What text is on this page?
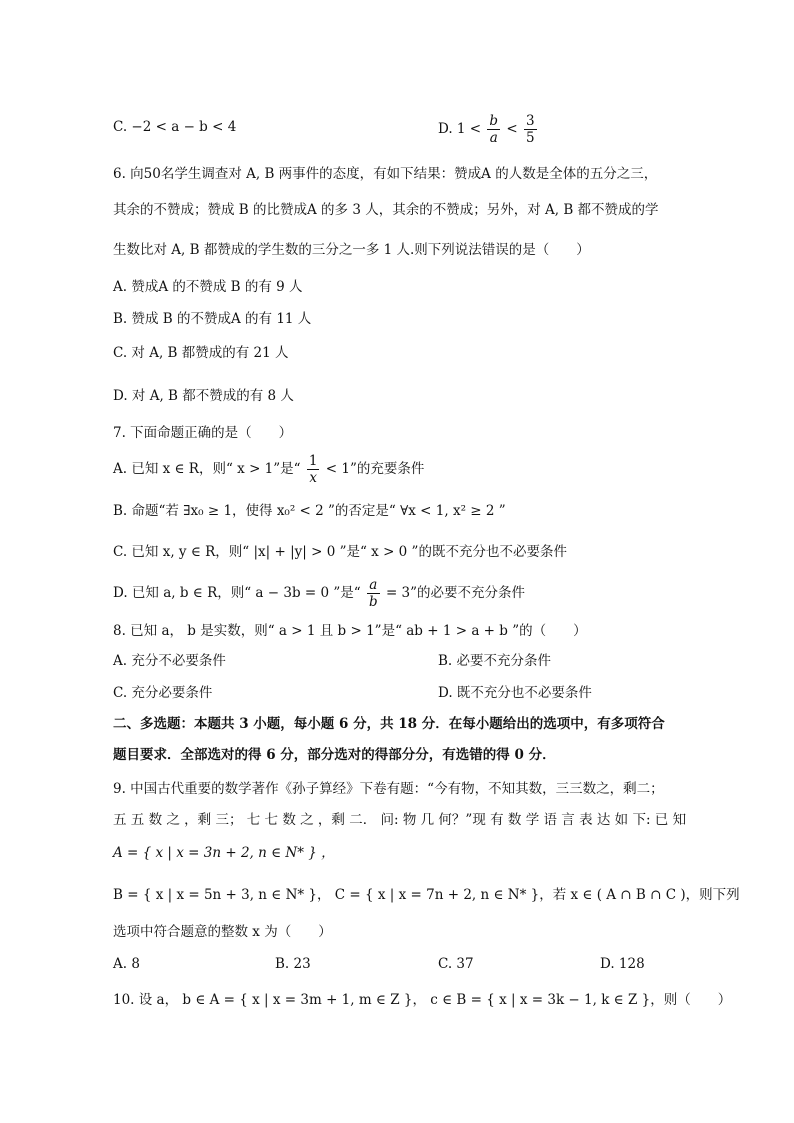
C. −2 < a − b < 4	D. $1 < \frac{b}{a} < \frac{3}{5}$
6. 向50名学生调查对 A, B 两事件的态度，有如下结果：赞成A 的人数是全体的五分之三，
其余的不赞成；赞成 B 的比赞成A 的多 3 人，其余的不赞成；另外，对 A, B 都不赞成的学
生数比对 A, B 都赞成的学生数的三分之一多 1 人.则下列说法错误的是（　　）
A. 赞成A 的不赞成 B 的有 9 人
B. 赞成 B 的不赞成A 的有 11 人
C. 对 A, B 都赞成的有 21 人
D. 对 A, B 都不赞成的有 8 人
7. 下面命题正确的是（　　）
A. 已知 x ∈ R，则“ x > 1”是“ $\frac{1}{x} < 1$”的充要条件
B. 命题“若 ∃x₀ ≥ 1，使得 x₀² < 2 ”的否定是“ ∀x < 1, x² ≥ 2 ”
C. 已知 x, y ∈ R，则“ |x| + |y| > 0 ”是“ x > 0 ”的既不充分也不必要条件
D. 已知 a, b ∈ R，则“ a − 3b = 0 ”是“ $\frac{a}{b} = 3$”的必要不充分条件
8. 已知 a， b 是实数，则“ a > 1 且 b > 1”是“ ab + 1 > a + b ”的（　　）
A. 充分不必要条件	B. 必要不充分条件
C. 充分必要条件	D. 既不充分也不必要条件
二、多选题：本题共 3 小题，每小题 6 分，共 18 分．在每小题给出的选项中，有多项符合
题目要求．全部选对的得 6 分，部分选对的得部分分，有选错的得 0 分．
9. 中国古代重要的数学著作《孙子算经》下卷有题：“今有物，不知其数，三三数之，剩二；
五 五 数 之 ，剩 三； 七 七 数 之 ，剩 二． 问: 物 几 何？”现 有 数 学 语 言 表 达 如 下: 已 知
A = { x | x = 3n + 2, n ∈ N* } ，
B = { x | x = 5n + 3, n ∈ N* }， C = { x | x = 7n + 2, n ∈ N* }，若 x ∈ ( A ∩ B ∩ C )，则下列
选项中符合题意的整数 x 为（　　）
A. 8	B. 23	C. 37	D. 128
10. 设 a， b ∈ A = { x | x = 3m + 1, m ∈ Z }， c ∈ B = { x | x = 3k − 1, k ∈ Z }，则（　　）
